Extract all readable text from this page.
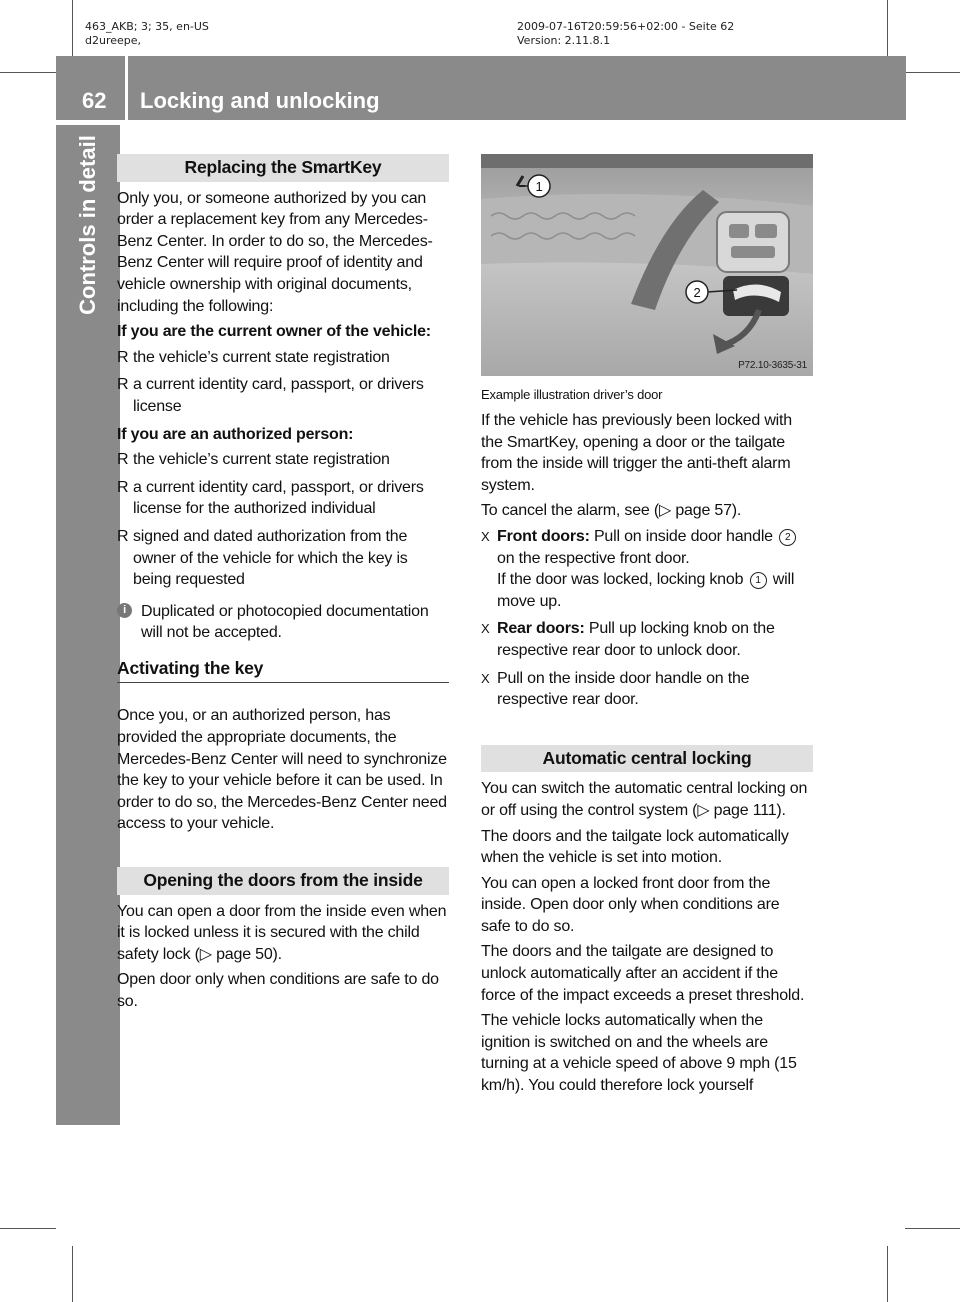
463_AKB; 3; 35, en-US
d2ureepe,
2009-07-16T20:59:56+02:00 - Seite 62
Version: 2.11.8.1
62 Locking and unlocking
Controls in detail	Replacing the SmartKey

Only you, or someone authorized by you can order a replacement key from any Mercedes-Benz Center. In order to do so, the Mercedes-Benz Center will require proof of identity and vehicle ownership with original documents, including the following:

If you are the current owner of the vehicle:

R the vehicle’s current state registration
R a current identity card, passport, or drivers license

If you are an authorized person:

R the vehicle’s current state registration
R a current identity card, passport, or drivers license for the authorized individual
R signed and dated authorization from the owner of the vehicle for which the key is being requested
i Duplicated or photocopied documentation will not be accepted.
Activating the key

Once you, or an authorized person, has provided the appropriate documents, the Mercedes-Benz Center will need to synchronize the key to your vehicle before it can be used. In order to do so, the Mercedes-Benz Center need access to your vehicle.

Opening the doors from the inside

You can open a door from the inside even when it is locked unless it is secured with the child safety lock (▷ page 50).

Open door only when conditions are safe to do so.

1
2
P72.10-3635-31
Example illustration driver’s door

If the vehicle has previously been locked with the SmartKey, opening a door or the tailgate from the inside will trigger the anti-theft alarm system.

To cancel the alarm, see (▷ page 57).

X Front doors: Pull on inside door handle 2 on the respective front door.
If the door was locked, locking knob 1 will move up.
X Rear doors: Pull up locking knob on the respective rear door to unlock door.
X Pull on the inside door handle on the respective rear door.
Automatic central locking

You can switch the automatic central locking on or off using the control system (▷ page 111).

The doors and the tailgate lock automatically when the vehicle is set into motion.

You can open a locked front door from the inside. Open door only when conditions are safe to do so.

The doors and the tailgate are designed to unlock automatically after an accident if the force of the impact exceeds a preset threshold.

The vehicle locks automatically when the ignition is switched on and the wheels are turning at a vehicle speed of above 9 mph (15 km/h). You could therefore lock yourself
